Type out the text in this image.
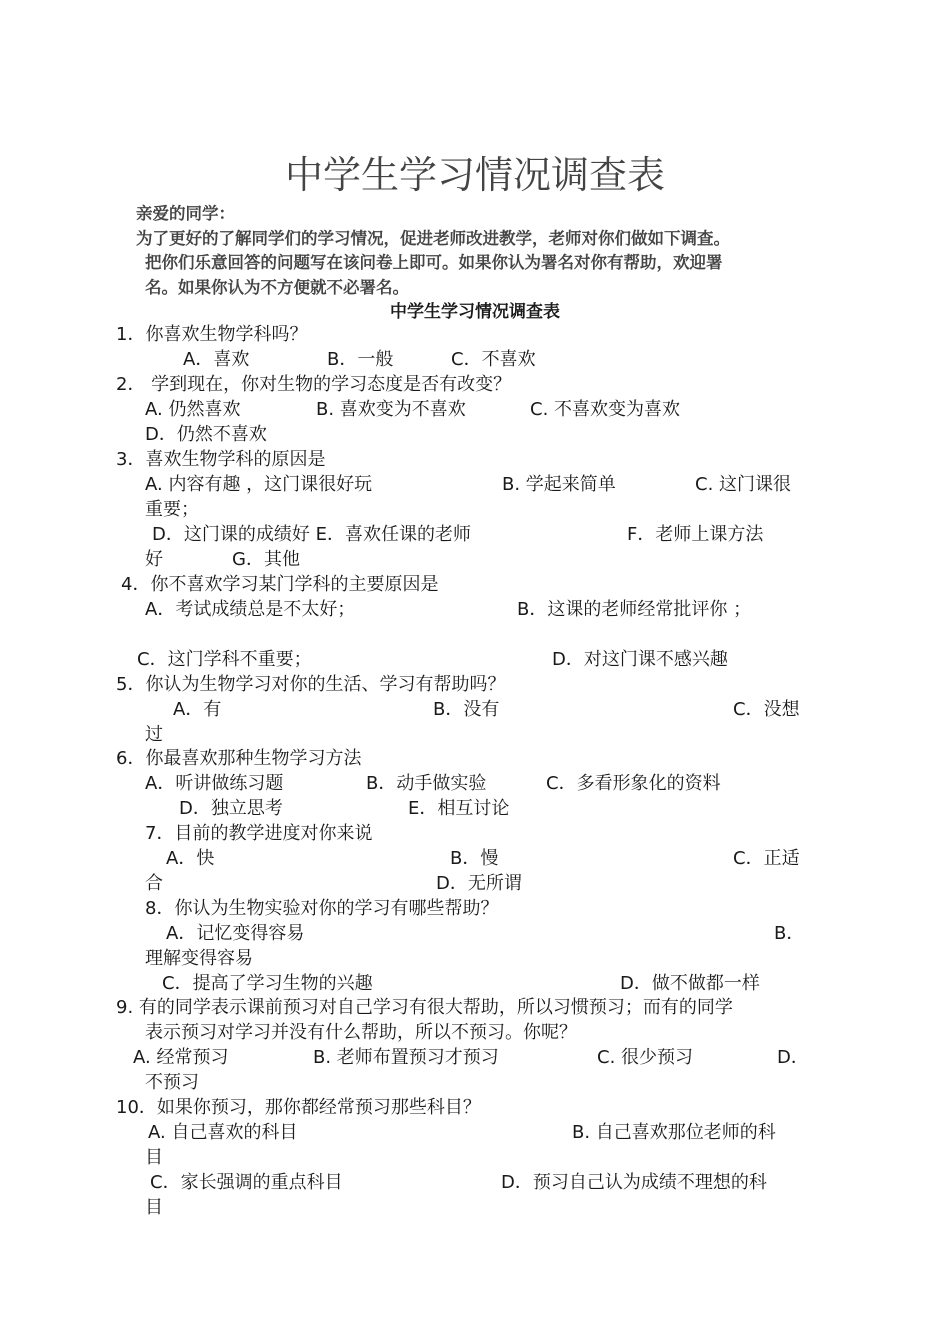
中学生学习情况调查表
亲爱的同学：
为了更好的了解同学们的学习情况，促进老师改进教学，老师对你们做如下调查。
把你们乐意回答的问题写在该问卷上即可。如果你认为署名对你有帮助，欢迎署
名。如果你认为不方便就不必署名。
中学生学习情况调查表
1．你喜欢生物学科吗？
A．喜欢	B．一般	C．不喜欢
2． 学到现在，你对生物的学习态度是否有改变？
A. 仍然喜欢	B. 喜欢变为不喜欢	C. 不喜欢变为喜欢
D．仍然不喜欢
3．喜欢生物学科的原因是
A. 内容有趣 ，这门课很好玩	B. 学起来简单	C. 这门课很
重要；
D．这门课的成绩好 E．喜欢任课的老师	F．老师上课方法
好	G．其他
4．你不喜欢学习某门学科的主要原因是
A．考试成绩总是不太好；	B．这课的老师经常批评你 ；
C．这门学科不重要；	D．对这门课不感兴趣
5．你认为生物学习对你的生活、学习有帮助吗？
A．有	B．没有	C．没想
过
6．你最喜欢那种生物学习方法
A．听讲做练习题	B．动手做实验	C．多看形象化的资料
D．独立思考	E．相互讨论
7．目前的教学进度对你来说
A．快	B．慢	C．正适
合	D．无所谓
8．你认为生物实验对你的学习有哪些帮助？
A．记忆变得容易	B．
理解变得容易
C．提高了学习生物的兴趣	D．做不做都一样
9. 有的同学表示课前预习对自己学习有很大帮助，所以习惯预习；而有的同学
表示预习对学习并没有什么帮助，所以不预习。你呢？
A. 经常预习	B. 老师布置预习才预习	C. 很少预习	D．
不预习
10．如果你预习，那你都经常预习那些科目？
A. 自己喜欢的科目	B. 自己喜欢那位老师的科
目
C．家长强调的重点科目	D．预习自己认为成绩不理想的科
目
